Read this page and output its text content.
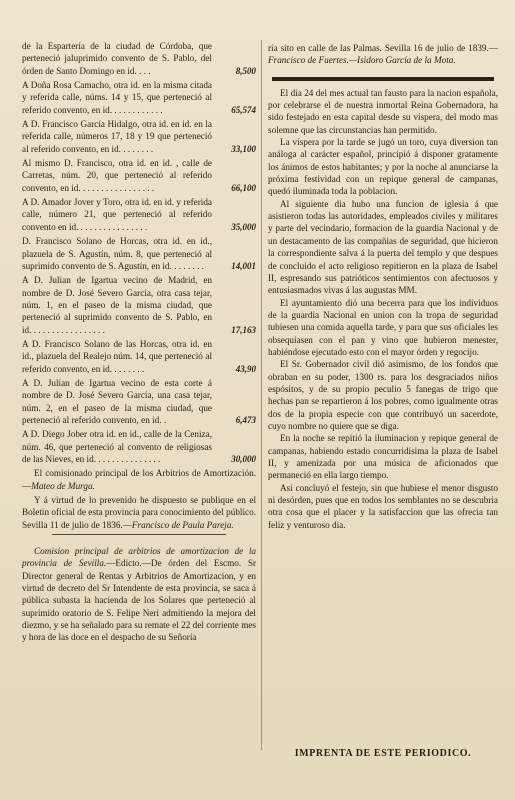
de la Espartería de la ciudad de Córdoba, que perteneció jaluprimido convento de S. Pablo, del órden de Santo Domingo en id. . . .	8,500
A Doña Rosa Camacho, otra id. en la misma citada y referida calle, núms. 14 y 15, que perteneció al referido convento, en id. . . . . . . . . . . .	65,574
A D. Francisco García Hidalgo, otra id. en id. en la referida calle, números 17, 18 y 19 que perteneció al referido convento, en id. . . . . . . .	33,100
Al mismo D. Francisco, otra id. en id. , calle de Carretas, núm. 20, que perteneció al referido convento, en id. . . . . . . . . . . . . . . . .	66,100
A D. Amador Jover y Toro, otra id. en id. y referida calle, número 21, que perteneció al referido convento en id. . . . . . . . . . . . . . . .	35,000
D. Francisco Solano de Horcas, otra id. en id., plazuela de S. Agustín, núm. 8, que perteneció al suprimido convento de S. Agustín, en id. . . . . . . .	14,001
A D. Julian de Igartua vecino de Madrid, en nombre de D. José Severo García, otra casa tejar, núm. 1, en el paseo de la misma ciudad, que perteneció al suprimido convento de S. Pablo, en id. . . . . . . . . . . . . . . . .	17,163
A D. Francisco Solano de las Horcas, otra id. en id., plazuela del Realejo núm. 14, que perteneció al referido convento, en id. . . . . . . .	43,90
A D. Julian de Igartua vecino de esta corte á nombre de D. José Severo García, una casa tejar, núm. 2, en el paseo de la misma ciudad, que perteneció al referido convento, en id. .	6,473
A D. Diego Jober otra id. en id., calle de la Ceniza, núm. 46, que perteneció al convento de religiosas de las Nieves, en id. . . . . . . . . . . . . . .	30,000
El comisionado principal de los Arbitrios de Amortización.—Mateo de Murga.
Y á virtud de lo prevenido he dispuesto se publique en el Boletin oficial de esta provincia para conocimiento del público. Sevilla 11 de julio de 1836.—Francisco de Paula Pareja.
Comision principal de arbitrios de amortizacion de la provincia de Sevilla.—Edicto.—De órden del Escmo. Sr Director general de Rentas y Arbitrios de Amortizacion, y en virtud de decreto del Sr Intendente de esta provincia, se saca á pública subasta la hacienda de los Solares que perteneció al suprimido oratorio de S. Felipe Neri admitiendo la mejora del diezmo, y se ha señalado para su remate el 22 del corriente mes y hora de las doce en el despacho de su Señoría
ría sito en calle de las Palmas. Sevilla 16 de julio de 1839.—Francisco de Fuertes.—Isidoro García de la Mota.
El día 24 del mes actual tan fausto para la nacion española, por celebrarse el de nuestra inmortal Reina Gobernadora, ha sido festejado en esta capital desde su víspera, del modo mas solemne que las circunstancias han permitido.
La víspera por la tarde se jugó un toro, cuya diversion tan análoga al carácter español, principió á disponer gratamente los ánimos de estos habitantes; y por la noche al anunciarse la próxima festividad con un repique general de campanas, quedó iluminada toda la poblacion.
Al siguiente dia hubo una funcion de iglesia á que asistieron todas las autoridades, empleados civiles y militares y parte del vecindario, formacion de la guardia Nacional y de un destacamento de las compañias de seguridad, que hicieron la correspondiente salva á la puerta del templo y que despues de concluido el acto religioso repitieron en la plaza de Isabel II, espresando sus patrióticos sentimientos con afectuosos y entusiasmados vivas á las augustas MM.
El ayuntamiento dió una becerra para que los individuos de la guardia Nacional en union con la tropa de seguridad tubiesen una comida aquella tarde, y para que sus oficiales les obsequiasen con el pan y vino que hubieron menester, habiéndose ejecutado esto con el mayor órden y regocijo.
El Sr. Gobernador civil dió asimismo, de los fondos que obraban en su poder, 1300 rs. para los desgraciados niños espósitos, y de su propio peculio 5 fanegas de trigo que hechas pan se repartieron á los pobres, como igualmente otras dos de la propia especie con que contribuyó un sacerdote, cuyo nombre no quiere que se diga.
En la noche se repitió la iluminacion y repique general de campanas, habiendo estado concurridísima la plaza de Isabel II, y amenizada por una música de aficionados que permaneció en ella largo tiempo.
Asi concluyó el festejo, sin que hubiese el menor disgusto ni desórden, pues que en todos los semblantes no se descubria otra cosa que el placer y la satisfaccion que las ofrecia tan feliz y venturoso dia.
IMPRENTA DE ESTE PERIODICO.
